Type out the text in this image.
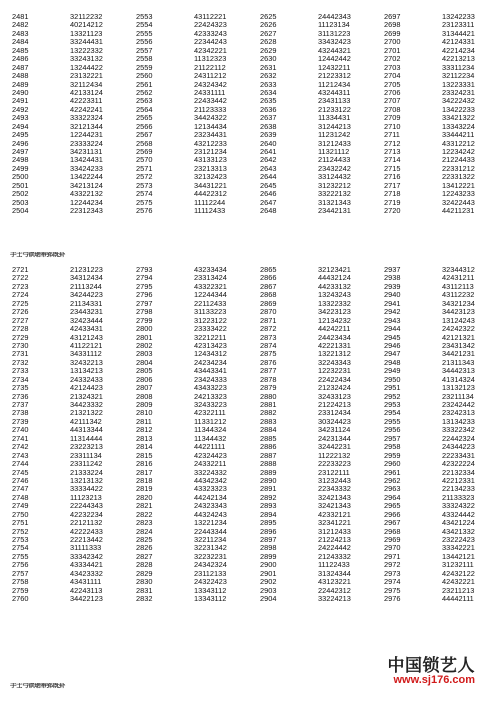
2481	32112232
2482	40214212
2483	13321123
2484	33244431
2485	13222332
2486	33243132
2487	13244422
2488	23132221
2489	32112434
2490	42133124
2491	42223311
2492	42242241
2493	33322324
2494	32121344
2495	12244231
2496	23333224
2497	34231131
2498	13424431
2499	33424233
2500	13422244
2501	34213124
2502	43322132
2503	12244234
2504	22312343
2553	43112221
2554	22424323
2555	42333243
2556	22344243
2557	42342221
2558	11312323
2559	21122112
2560	24311212
2561	24324342
2562	24331111
2563	22433442
2564	21123333
2565	34424322
2566	12134434
2567	23234431
2568	43212233
2569	23121234
2570	43133123
2571	23213313
2572	32132423
2573	34431221
2574	44422312
2575	11112244
2576	11112433
2625	24442343
2626	11123134
2627	31131223
2628	33432423
2629	43244321
2630	12442442
2631	12432211
2632	21223312
2633	11212434
2634	43244311
2635	23431133
2636	21233122
2637	11334431
2638	31244213
2639	11231242
2640	31212433
2641	11321112
2642	21124433
2643	23432242
2644	33124432
2645	31232212
2646	33222132
2647	31321343
2648	23442131
2697	13242233
2698	23123311
2699	31344421
2700	42124331
2701	42214234
2702	42213213
2703	33311234
2704	32112234
2705	13223331
2706	23324231
2707	34222432
2708	13422233
2709	33421322
2710	13343224
2711	33444211
2712	43312212
2713	12234242
2714	21224433
2715	22331212
2716	22331322
2717	13412221
2718	12243233
2719	32422443
2720	44211231
手士弓锁琚帣郅既卦
2721	21231223
2722	34312434
2723	21113244
2724	34244223
2725	21134331
2726	23443231
2727	32423444
2728	42433431
2729	43121243
2730	41122121
2731	34331112
2732	32432213
2733	13134213
2734	24332433
2735	42124423
2736	21324321
2737	34423332
2738	21321322
2739	42111342
2740	44313344
2741	11314444
2742	23223213
2743	23311134
2744	23311242
2745	21333224
2746	13213132
2747	33334422
2748	11123213
2749	22244343
2750	42232234
2751	22121132
2752	42222433
2753	22213442
2754	31111333
2755	33342342
2756	43334421
2757	43423332
2758	43431111
2759	42243113
2760	34422123
2793	43233434
2794	23313424
2795	43322321
2796	12244344
2797	22112433
2798	31133223
2799	31223122
2800	23333422
2801	32212211
2802	42313423
2803	12434312
2804	24234234
2805	43443341
2806	23424333
2807	43433223
2808	24213323
2809	32433223
2810	42322111
2811	11331212
2812	11344324
2813	11344432
2814	44221111
2815	42324423
2816	24332211
2817	33224332
2818	44342342
2819	43323323
2820	44242134
2821	24323343
2822	44324243
2823	13221234
2824	22443344
2825	32211234
2826	32231342
2827	32232231
2828	24342324
2829	23112133
2830	24322423
2831	13343112
2832	13343112
2865	32123421
2866	44432124
2867	44233132
2868	13243243
2869	13322332
2870	34223123
2871	12134232
2872	44242211
2873	24423434
2874	42221331
2875	13221312
2876	32243343
2877	12232231
2878	22422434
2879	21232424
2880	32433123
2881	21224213
2882	23312434
2883	30324423
2884	34231124
2885	24231344
2886	32442231
2887	11222132
2888	22233223
2889	23122111
2890	31232443
2891	22343332
2892	32421343
2893	32421343
2894	42332121
2895	32341221
2896	31212433
2897	21224213
2898	24224442
2899	21243332
2900	11122433
2901	31324344
2902	43123221
2903	22442312
2904	33224213
2937	32344312
2938	42431211
2939	43112113
2940	43112232
2941	34321234
2942	34423123
2943	13124243
2944	24242322
2945	42121321
2946	23431342
2947	34421231
2948	21311343
2949	34442313
2950	41314324
2951	13132123
2952	23211134
2953	23242442
2954	23242313
2955	13134233
2956	33322342
2957	22442324
2958	24344223
2959	22233431
2960	42322224
2961	22132334
2962	42212331
2963	22134233
2964	21133323
2965	33324322
2966	43324442
2967	43421224
2968	43421332
2969	23222423
2970	33342221
2971	13442121
2972	31232111
2973	42432122
2974	42432221
2975	23211213
2976	44442111
手士弓锁琚帣郅既卦
中国锁艺人
www.sj176.com
